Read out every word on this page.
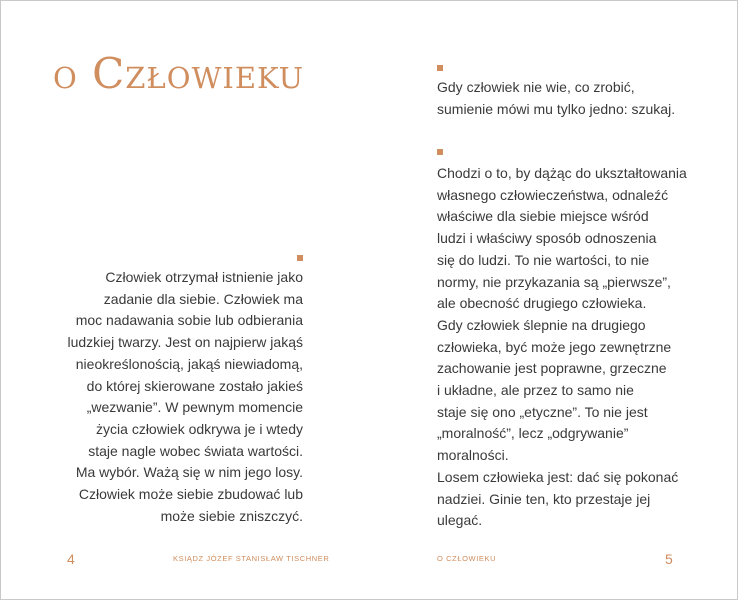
o Człowieku

Człowiek otrzymał istnienie jako
zadanie dla siebie. Człowiek ma
moc nadawania sobie lub odbierania
ludzkiej twarzy. Jest on najpierw jakąś
nieokreślonością, jakąś niewiadomą,
do której skierowane zostało jakieś
„wezwanie”. W pewnym momencie
życia człowiek odkrywa je i wtedy
staje nagle wobec świata wartości.
Ma wybór. Ważą się w nim jego losy.
Człowiek może siebie zbudować lub
może siebie zniszczyć.

4	KSIĄDZ JÓZEF STANISŁAW TISCHNER

Gdy człowiek nie wie, co zrobić,
sumienie mówi mu tylko jedno: szukaj.

Chodzi o to, by dążąc do ukształtowania
własnego człowieczeństwa, odnaleźć
właściwe dla siebie miejsce wśród
ludzi i właściwy sposób odnoszenia
się do ludzi. To nie wartości, to nie
normy, nie przykazania są „pierwsze”,
ale obecność drugiego człowieka.
Gdy człowiek ślepnie na drugiego
człowieka, być może jego zewnętrzne
zachowanie jest poprawne, grzeczne
i układne, ale przez to samo nie
staje się ono „etyczne”. To nie jest
„moralność”, lecz „odgrywanie”
moralności.
Losem człowieka jest: dać się pokonać
nadziei. Ginie ten, kto przestaje jej
ulegać.

O CZŁOWIEKU	5
